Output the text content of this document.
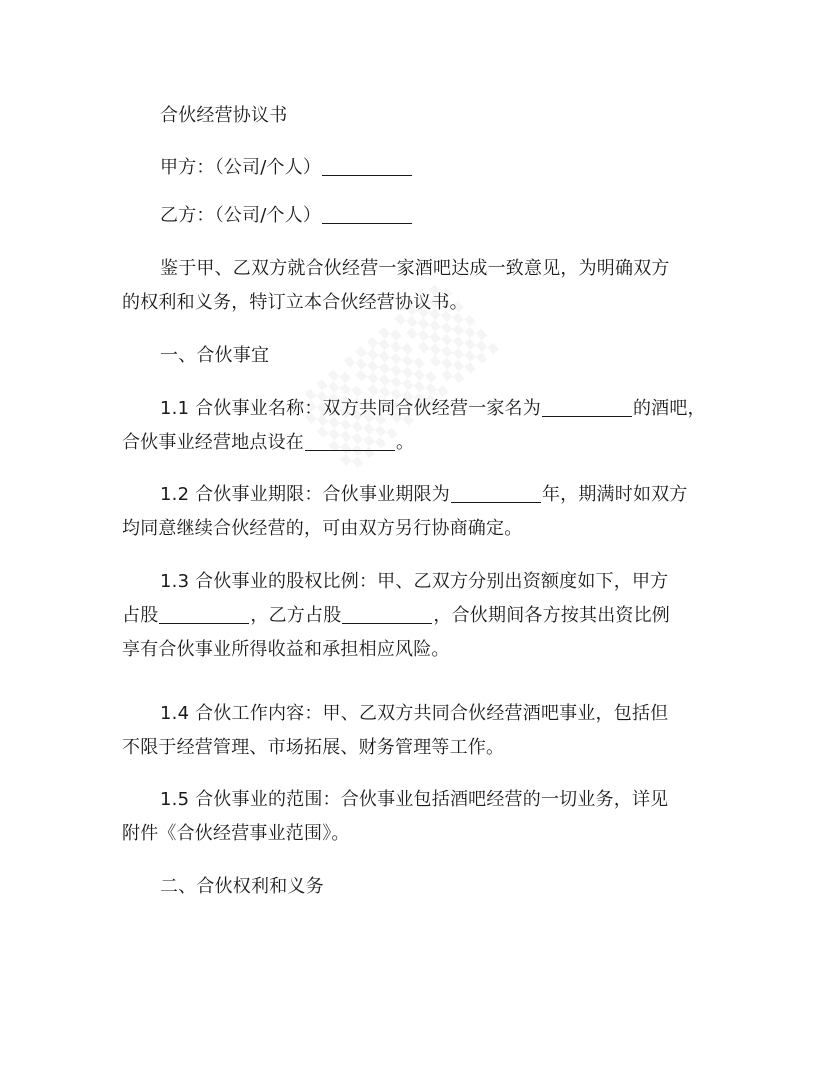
合伙经营协议书
甲方：（公司/个人）
乙方：（公司/个人）
鉴于甲、乙双方就合伙经营一家酒吧达成一致意见，为明确双方
的权利和义务，特订立本合伙经营协议书。
一、合伙事宜
1.1 合伙事业名称：双方共同合伙经营一家名为	的酒吧，
合伙事业经营地点设在	。
1.2 合伙事业期限：合伙事业期限为	年，期满时如双方
均同意继续合伙经营的，可由双方另行协商确定。
1.3 合伙事业的股权比例：甲、乙双方分别出资额度如下，甲方
占股	，乙方占股	，合伙期间各方按其出资比例
享有合伙事业所得收益和承担相应风险。
1.4 合伙工作内容：甲、乙双方共同合伙经营酒吧事业，包括但
不限于经营管理、市场拓展、财务管理等工作。
1.5 合伙事业的范围：合伙事业包括酒吧经营的一切业务，详见
附件《合伙经营事业范围》。
二、合伙权利和义务
